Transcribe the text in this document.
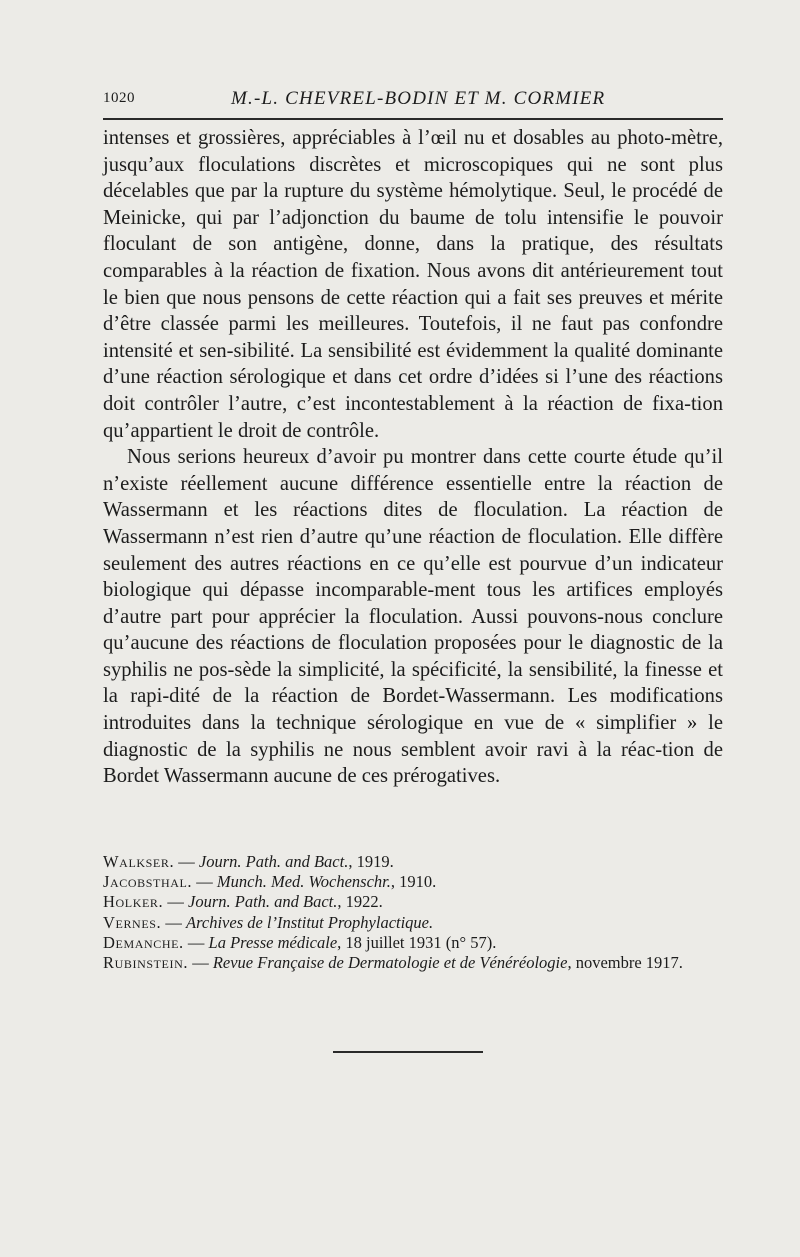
1020	M.-L. CHEVREL-BODIN ET M. CORMIER

intenses et grossières, appréciables à l’œil nu et dosables au photo-mètre, jusqu’aux floculations discrètes et microscopiques qui ne sont plus décelables que par la rupture du système hémolytique. Seul, le procédé de Meinicke, qui par l’adjonction du baume de tolu intensifie le pouvoir floculant de son antigène, donne, dans la pratique, des résultats comparables à la réaction de fixation. Nous avons dit antérieurement tout le bien que nous pensons de cette réaction qui a fait ses preuves et mérite d’être classée parmi les meilleures. Toutefois, il ne faut pas confondre intensité et sen-sibilité. La sensibilité est évidemment la qualité dominante d’une réaction sérologique et dans cet ordre d’idées si l’une des réactions doit contrôler l’autre, c’est incontestablement à la réaction de fixa-tion qu’appartient le droit de contrôle.

Nous serions heureux d’avoir pu montrer dans cette courte étude qu’il n’existe réellement aucune différence essentielle entre la réaction de Wassermann et les réactions dites de floculation. La réaction de Wassermann n’est rien d’autre qu’une réaction de floculation. Elle diffère seulement des autres réactions en ce qu’elle est pourvue d’un indicateur biologique qui dépasse incomparable-ment tous les artifices employés d’autre part pour apprécier la floculation. Aussi pouvons-nous conclure qu’aucune des réactions de floculation proposées pour le diagnostic de la syphilis ne pos-sède la simplicité, la spécificité, la sensibilité, la finesse et la rapi-dité de la réaction de Bordet-Wassermann. Les modifications introduites dans la technique sérologique en vue de « simplifier » le diagnostic de la syphilis ne nous semblent avoir ravi à la réac-tion de Bordet Wassermann aucune de ces prérogatives.

Walkser. — Journ. Path. and Bact., 1919.

Jacobsthal. — Munch. Med. Wochenschr., 1910.

Holker. — Journ. Path. and Bact., 1922.

Vernes. — Archives de l’Institut Prophylactique.

Demanche. — La Presse médicale, 18 juillet 1931 (n° 57).

Rubinstein. — Revue Française de Dermatologie et de Vénéréologie, novembre 1917.
